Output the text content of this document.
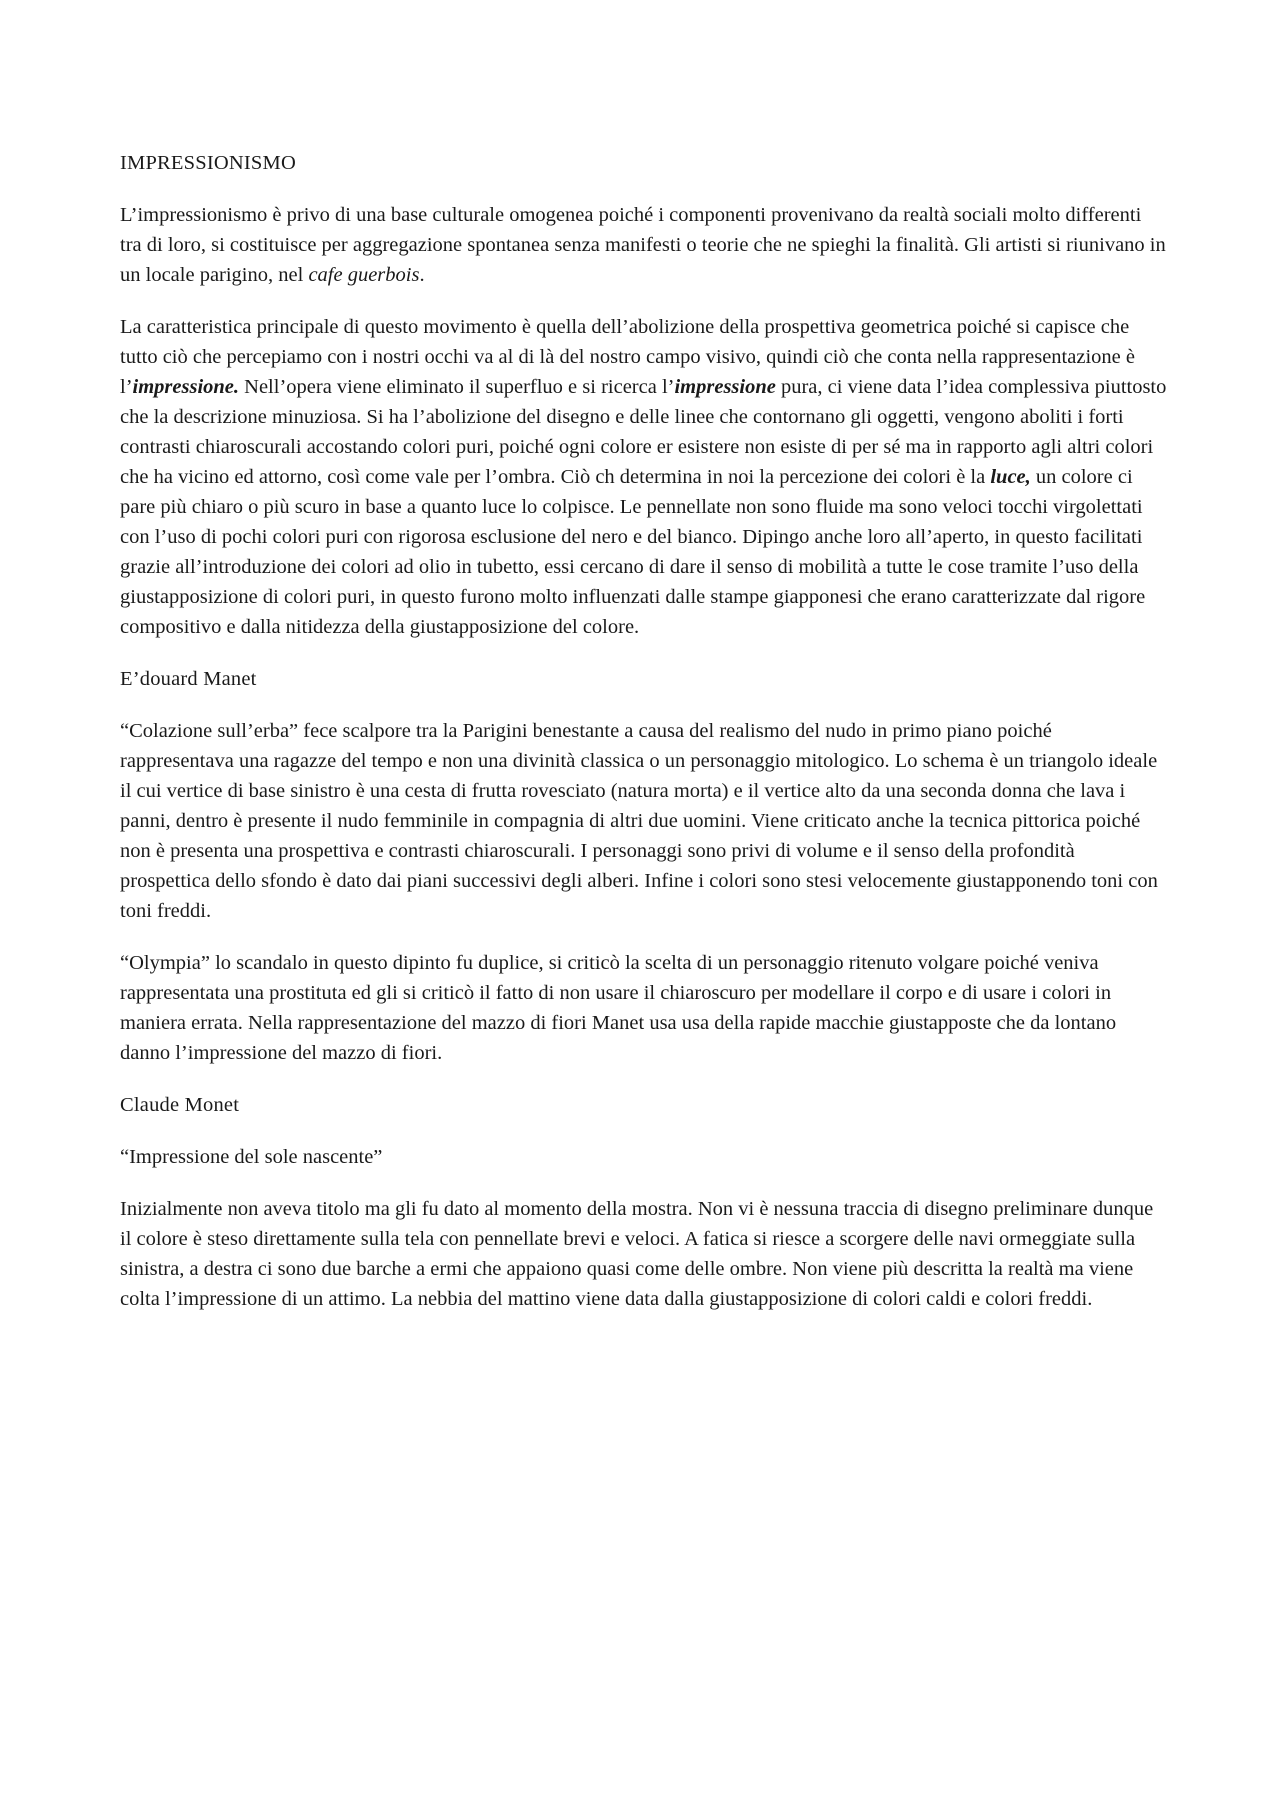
IMPRESSIONISMO

L’impressionismo è privo di una base culturale omogenea poiché i componenti provenivano da realtà sociali molto differenti tra di loro, si costituisce per aggregazione spontanea senza manifesti o teorie che ne spieghi la finalità. Gli artisti si riunivano in un locale parigino, nel cafe guerbois.

La caratteristica principale di questo movimento è quella dell’abolizione della prospettiva geometrica poiché si capisce che tutto ciò che percepiamo con i nostri occhi va al di là del nostro campo visivo, quindi ciò che conta nella rappresentazione è l’impressione. Nell’opera viene eliminato il superfluo e si ricerca l’impressione pura, ci viene data l’idea complessiva piuttosto che la descrizione minuziosa. Si ha l’abolizione del disegno e delle linee che contornano gli oggetti, vengono aboliti i forti contrasti chiaroscurali accostando colori puri, poiché ogni colore er esistere non esiste di per sé ma in rapporto agli altri colori che ha vicino ed attorno, così come vale per l’ombra. Ciò ch determina in noi la percezione dei colori è la luce, un colore ci pare più chiaro o più scuro in base a quanto luce lo colpisce. Le pennellate non sono fluide ma sono veloci tocchi virgolettati con l’uso di pochi colori puri con rigorosa esclusione del nero e del bianco. Dipingo anche loro all’aperto, in questo facilitati grazie all’introduzione dei colori ad olio in tubetto, essi cercano di dare il senso di mobilità a tutte le cose tramite l’uso della giustapposizione di colori puri, in questo furono molto influenzati dalle stampe giapponesi che erano caratterizzate dal rigore compositivo e dalla nitidezza della giustapposizione del colore.

E’douard Manet

“Colazione sull’erba” fece scalpore tra la Parigini benestante a causa del realismo del nudo in primo piano poiché rappresentava una ragazze del tempo e non una divinità classica o un personaggio mitologico. Lo schema è un triangolo ideale il cui vertice di base sinistro è una cesta di frutta rovesciato (natura morta) e il vertice alto da una seconda donna che lava i panni, dentro è presente il nudo femminile in compagnia di altri due uomini. Viene criticato anche la tecnica pittorica poiché non è presenta una prospettiva e contrasti chiaroscurali. I personaggi sono privi di volume e il senso della profondità prospettica dello sfondo è dato dai piani successivi degli alberi. Infine i colori sono stesi velocemente giustapponendo toni con toni freddi.

“Olympia” lo scandalo in questo dipinto fu duplice, si criticò la scelta di un personaggio ritenuto volgare poiché veniva rappresentata una prostituta ed gli si criticò il fatto di non usare il chiaroscuro per modellare il corpo e di usare i colori in maniera errata. Nella rappresentazione del mazzo di fiori Manet usa usa della rapide macchie giustapposte che da lontano danno l’impressione del mazzo di fiori.

Claude Monet

“Impressione del sole nascente”

Inizialmente non aveva titolo ma gli fu dato al momento della mostra. Non vi è nessuna traccia di disegno preliminare dunque il colore è steso direttamente sulla tela con pennellate brevi e veloci. A fatica si riesce a scorgere delle navi ormeggiate sulla sinistra, a destra ci sono due barche a ermi che appaiono quasi come delle ombre. Non viene più descritta la realtà ma viene colta l’impressione di un attimo. La nebbia del mattino viene data dalla giustapposizione di colori caldi e colori freddi.
